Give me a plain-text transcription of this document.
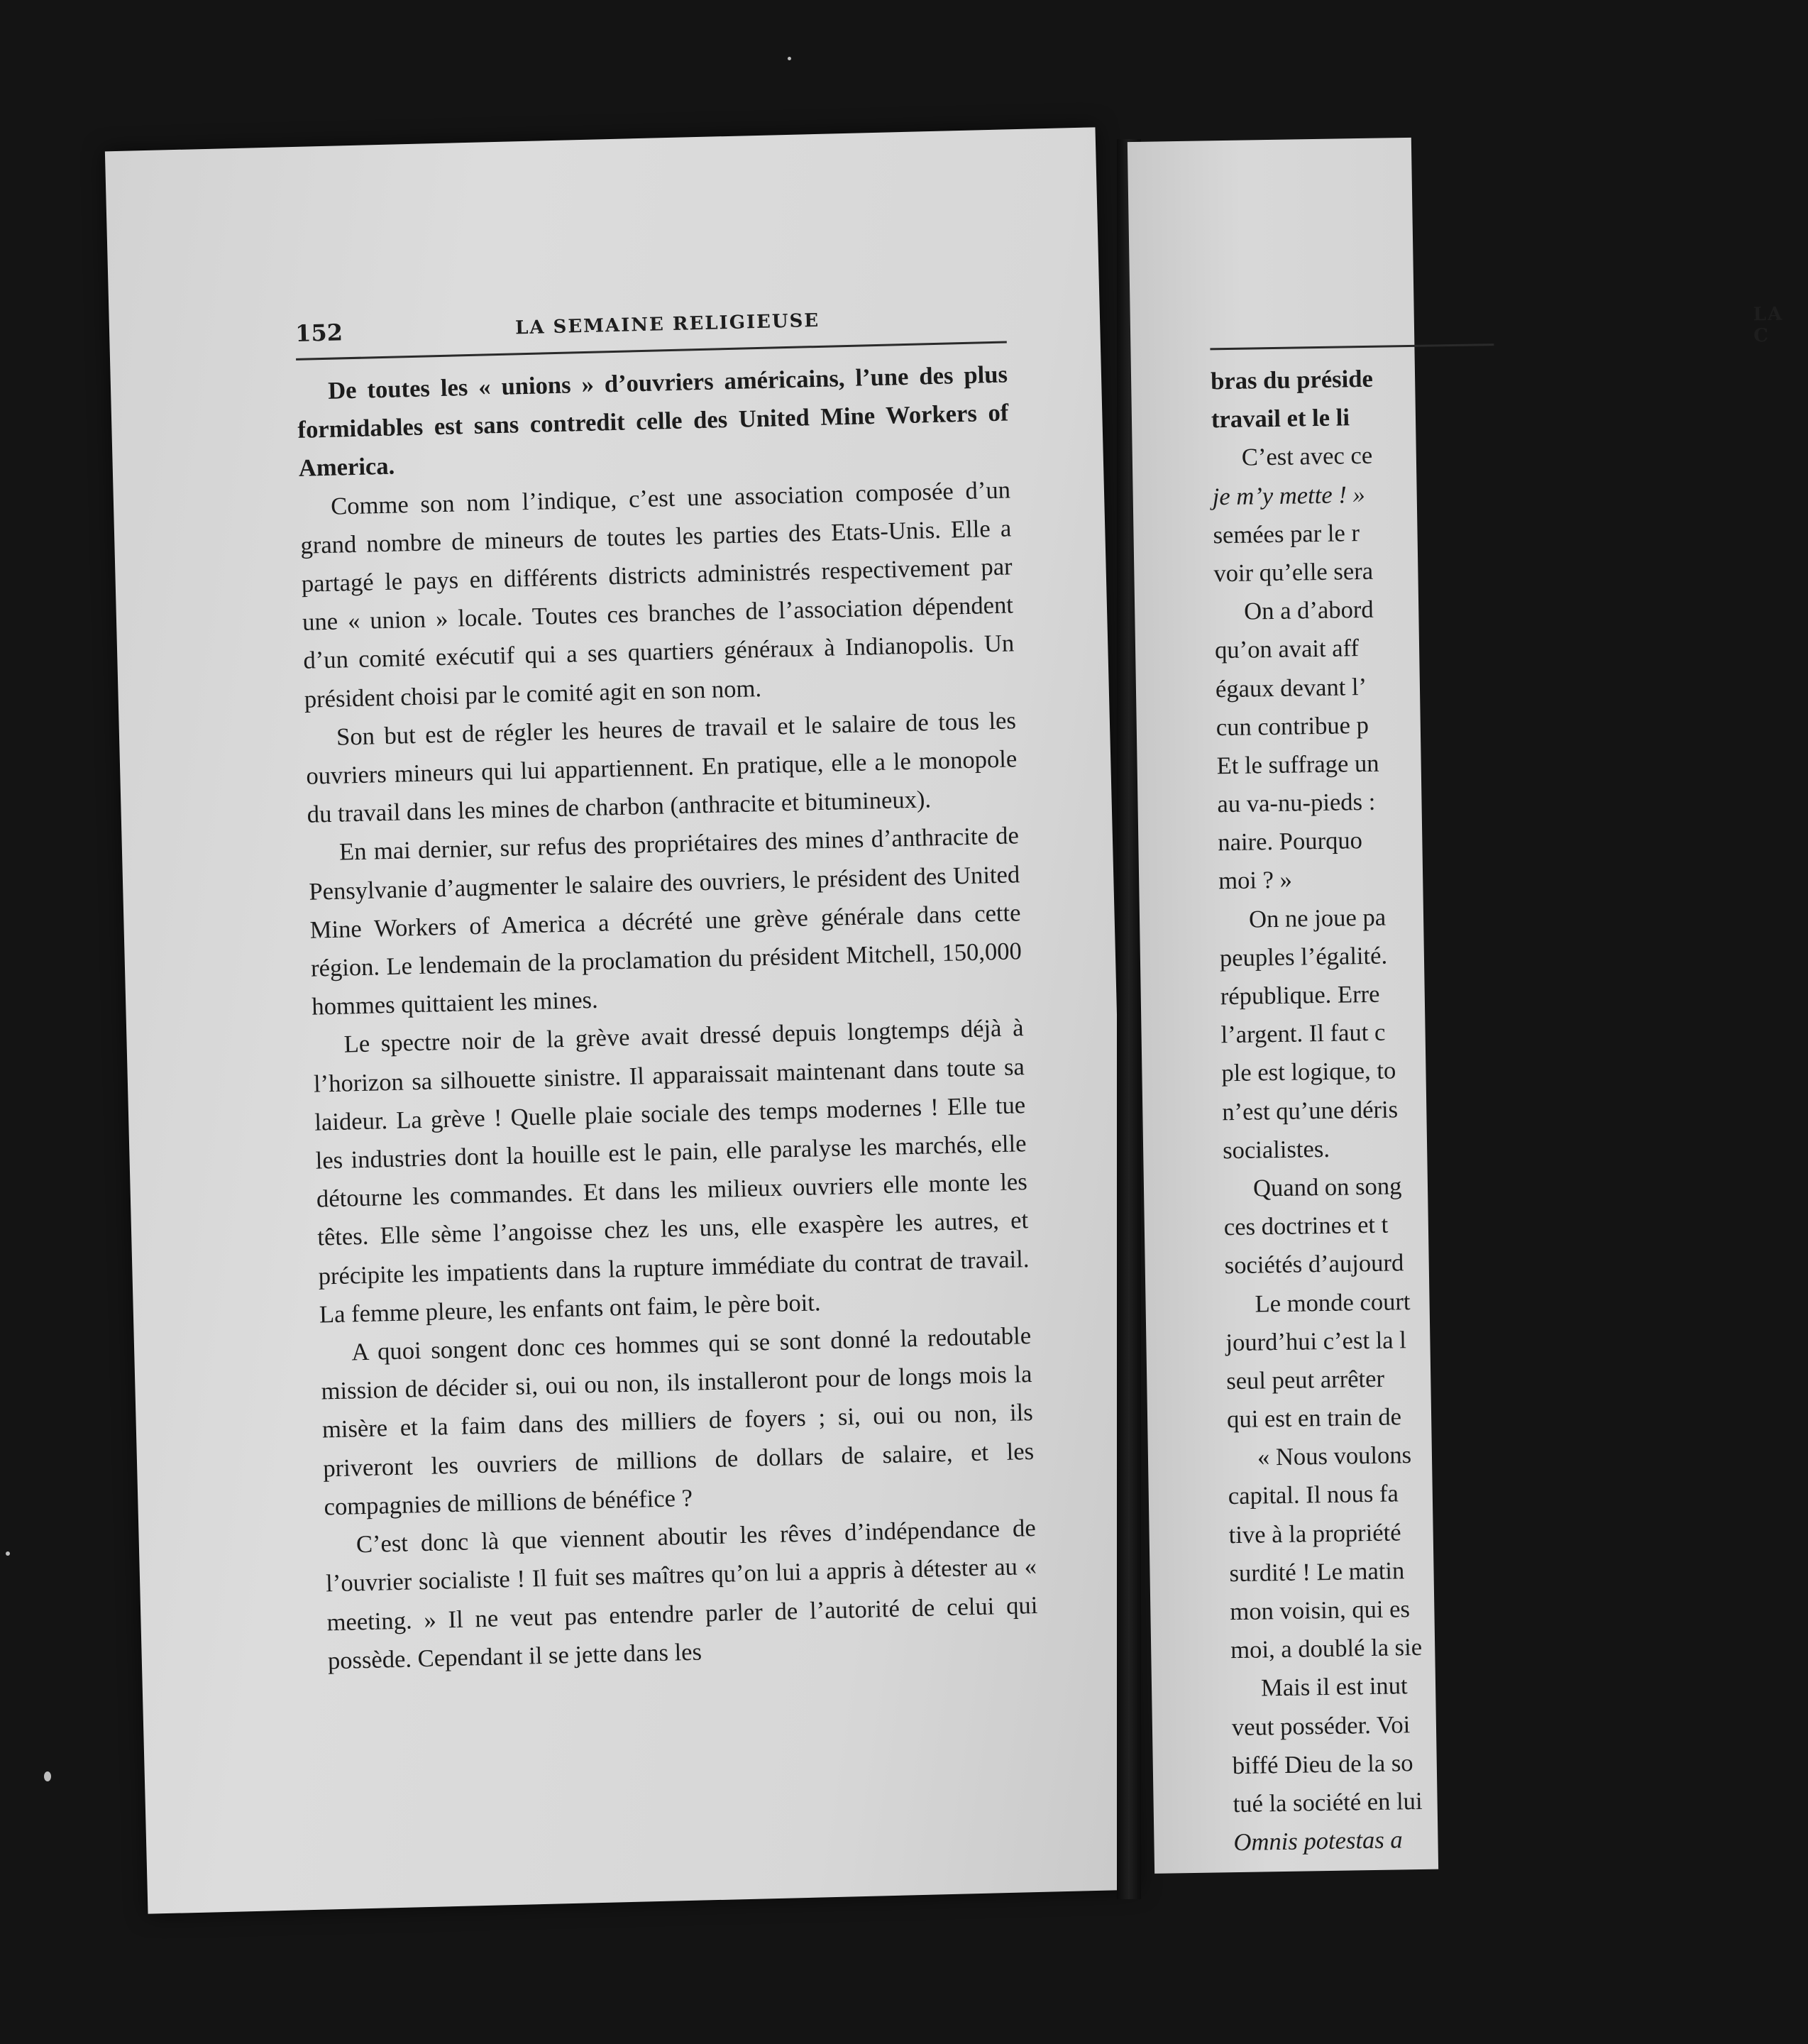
152	LA SEMAINE RELIGIEUSE

De toutes les « unions » d’ouvriers américains, l’une des plus formidables est sans contredit celle des United Mine Workers of America.

Comme son nom l’indique, c’est une association composée d’un grand nombre de mineurs de toutes les parties des Etats-Unis. Elle a partagé le pays en différents districts administrés respectivement par une « union » locale. Toutes ces branches de l’association dépendent d’un comité exécutif qui a ses quartiers généraux à Indianopolis. Un président choisi par le comité agit en son nom.

Son but est de régler les heures de travail et le salaire de tous les ouvriers mineurs qui lui appartiennent. En pratique, elle a le monopole du travail dans les mines de charbon (anthracite et bitumineux).

En mai dernier, sur refus des propriétaires des mines d’anthracite de Pensylvanie d’augmenter le salaire des ouvriers, le président des United Mine Workers of America a décrété une grève générale dans cette région. Le lendemain de la proclamation du président Mitchell, 150,000 hommes quittaient les mines.

Le spectre noir de la grève avait dressé depuis longtemps déjà à l’horizon sa silhouette sinistre. Il apparaissait maintenant dans toute sa laideur. La grève ! Quelle plaie sociale des temps modernes ! Elle tue les industries dont la houille est le pain, elle paralyse les marchés, elle détourne les commandes. Et dans les milieux ouvriers elle monte les têtes. Elle sème l’angoisse chez les uns, elle exaspère les autres, et précipite les impatients dans la rupture immédiate du contrat de travail. La femme pleure, les enfants ont faim, le père boit.

A quoi songent donc ces hommes qui se sont donné la redoutable mission de décider si, oui ou non, ils installeront pour de longs mois la misère et la faim dans des milliers de foyers ; si, oui ou non, ils priveront les ouvriers de millions de dollars de salaire, et les compagnies de millions de bénéfice ?

C’est donc là que viennent aboutir les rêves d’indépendance de l’ouvrier socialiste ! Il fuit ses maîtres qu’on lui a appris à détester au « meeting. » Il ne veut pas entendre parler de l’autorité de celui qui possède. Cependant il se jette dans les

LA C
bras du préside
travail et le li
C’est avec ce
je m’y mette ! »
semées par le r
voir qu’elle sera
On a d’abord
qu’on avait aff
égaux devant l’
cun contribue p
Et le suffrage un
au va-nu-pieds :
naire. Pourquo
moi ? »
On ne joue pa
peuples l’égalité.
république. Erre
l’argent. Il faut c
ple est logique, to
n’est qu’une déris
socialistes.
Quand on song
ces doctrines et t
sociétés d’aujourd
Le monde court
jourd’hui c’est la l
seul peut arrêter
qui est en train de
« Nous voulons
capital. Il nous fa
tive à la propriété
surdité ! Le matin
mon voisin, qui es
moi, a doublé la sie
Mais il est inut
veut posséder. Voi
biffé Dieu de la so
tué la société en lui
Omnis potestas a
